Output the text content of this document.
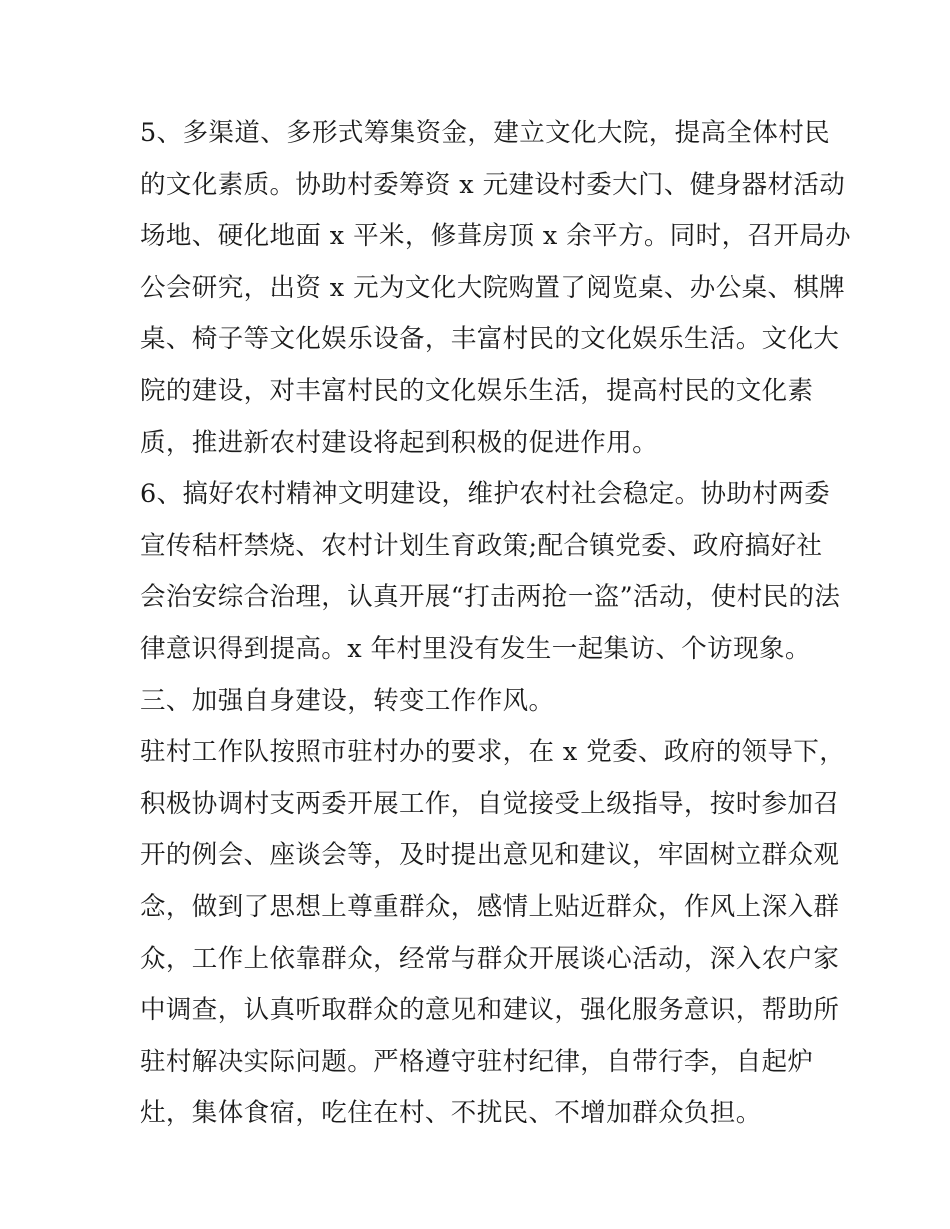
5、多渠道、多形式筹集资金，建立文化大院，提高全体村民
的文化素质。协助村委筹资 x 元建设村委大门、健身器材活动
场地、硬化地面 x 平米，修葺房顶 x 余平方。同时，召开局办
公会研究，出资 x 元为文化大院购置了阅览桌、办公桌、棋牌
桌、椅子等文化娱乐设备，丰富村民的文化娱乐生活。文化大
院的建设，对丰富村民的文化娱乐生活，提高村民的文化素
质，推进新农村建设将起到积极的促进作用。
6、搞好农村精神文明建设，维护农村社会稳定。协助村两委
宣传秸杆禁烧、农村计划生育政策;配合镇党委、政府搞好社
会治安综合治理，认真开展“打击两抢一盗”活动，使村民的法
律意识得到提高。x 年村里没有发生一起集访、个访现象。
三、加强自身建设，转变工作作风。
驻村工作队按照市驻村办的要求，在 x 党委、政府的领导下，
积极协调村支两委开展工作，自觉接受上级指导，按时参加召
开的例会、座谈会等，及时提出意见和建议，牢固树立群众观
念，做到了思想上尊重群众，感情上贴近群众，作风上深入群
众，工作上依靠群众，经常与群众开展谈心活动，深入农户家
中调查，认真听取群众的意见和建议，强化服务意识，帮助所
驻村解决实际问题。严格遵守驻村纪律，自带行李，自起炉
灶，集体食宿，吃住在村、不扰民、不增加群众负担。
